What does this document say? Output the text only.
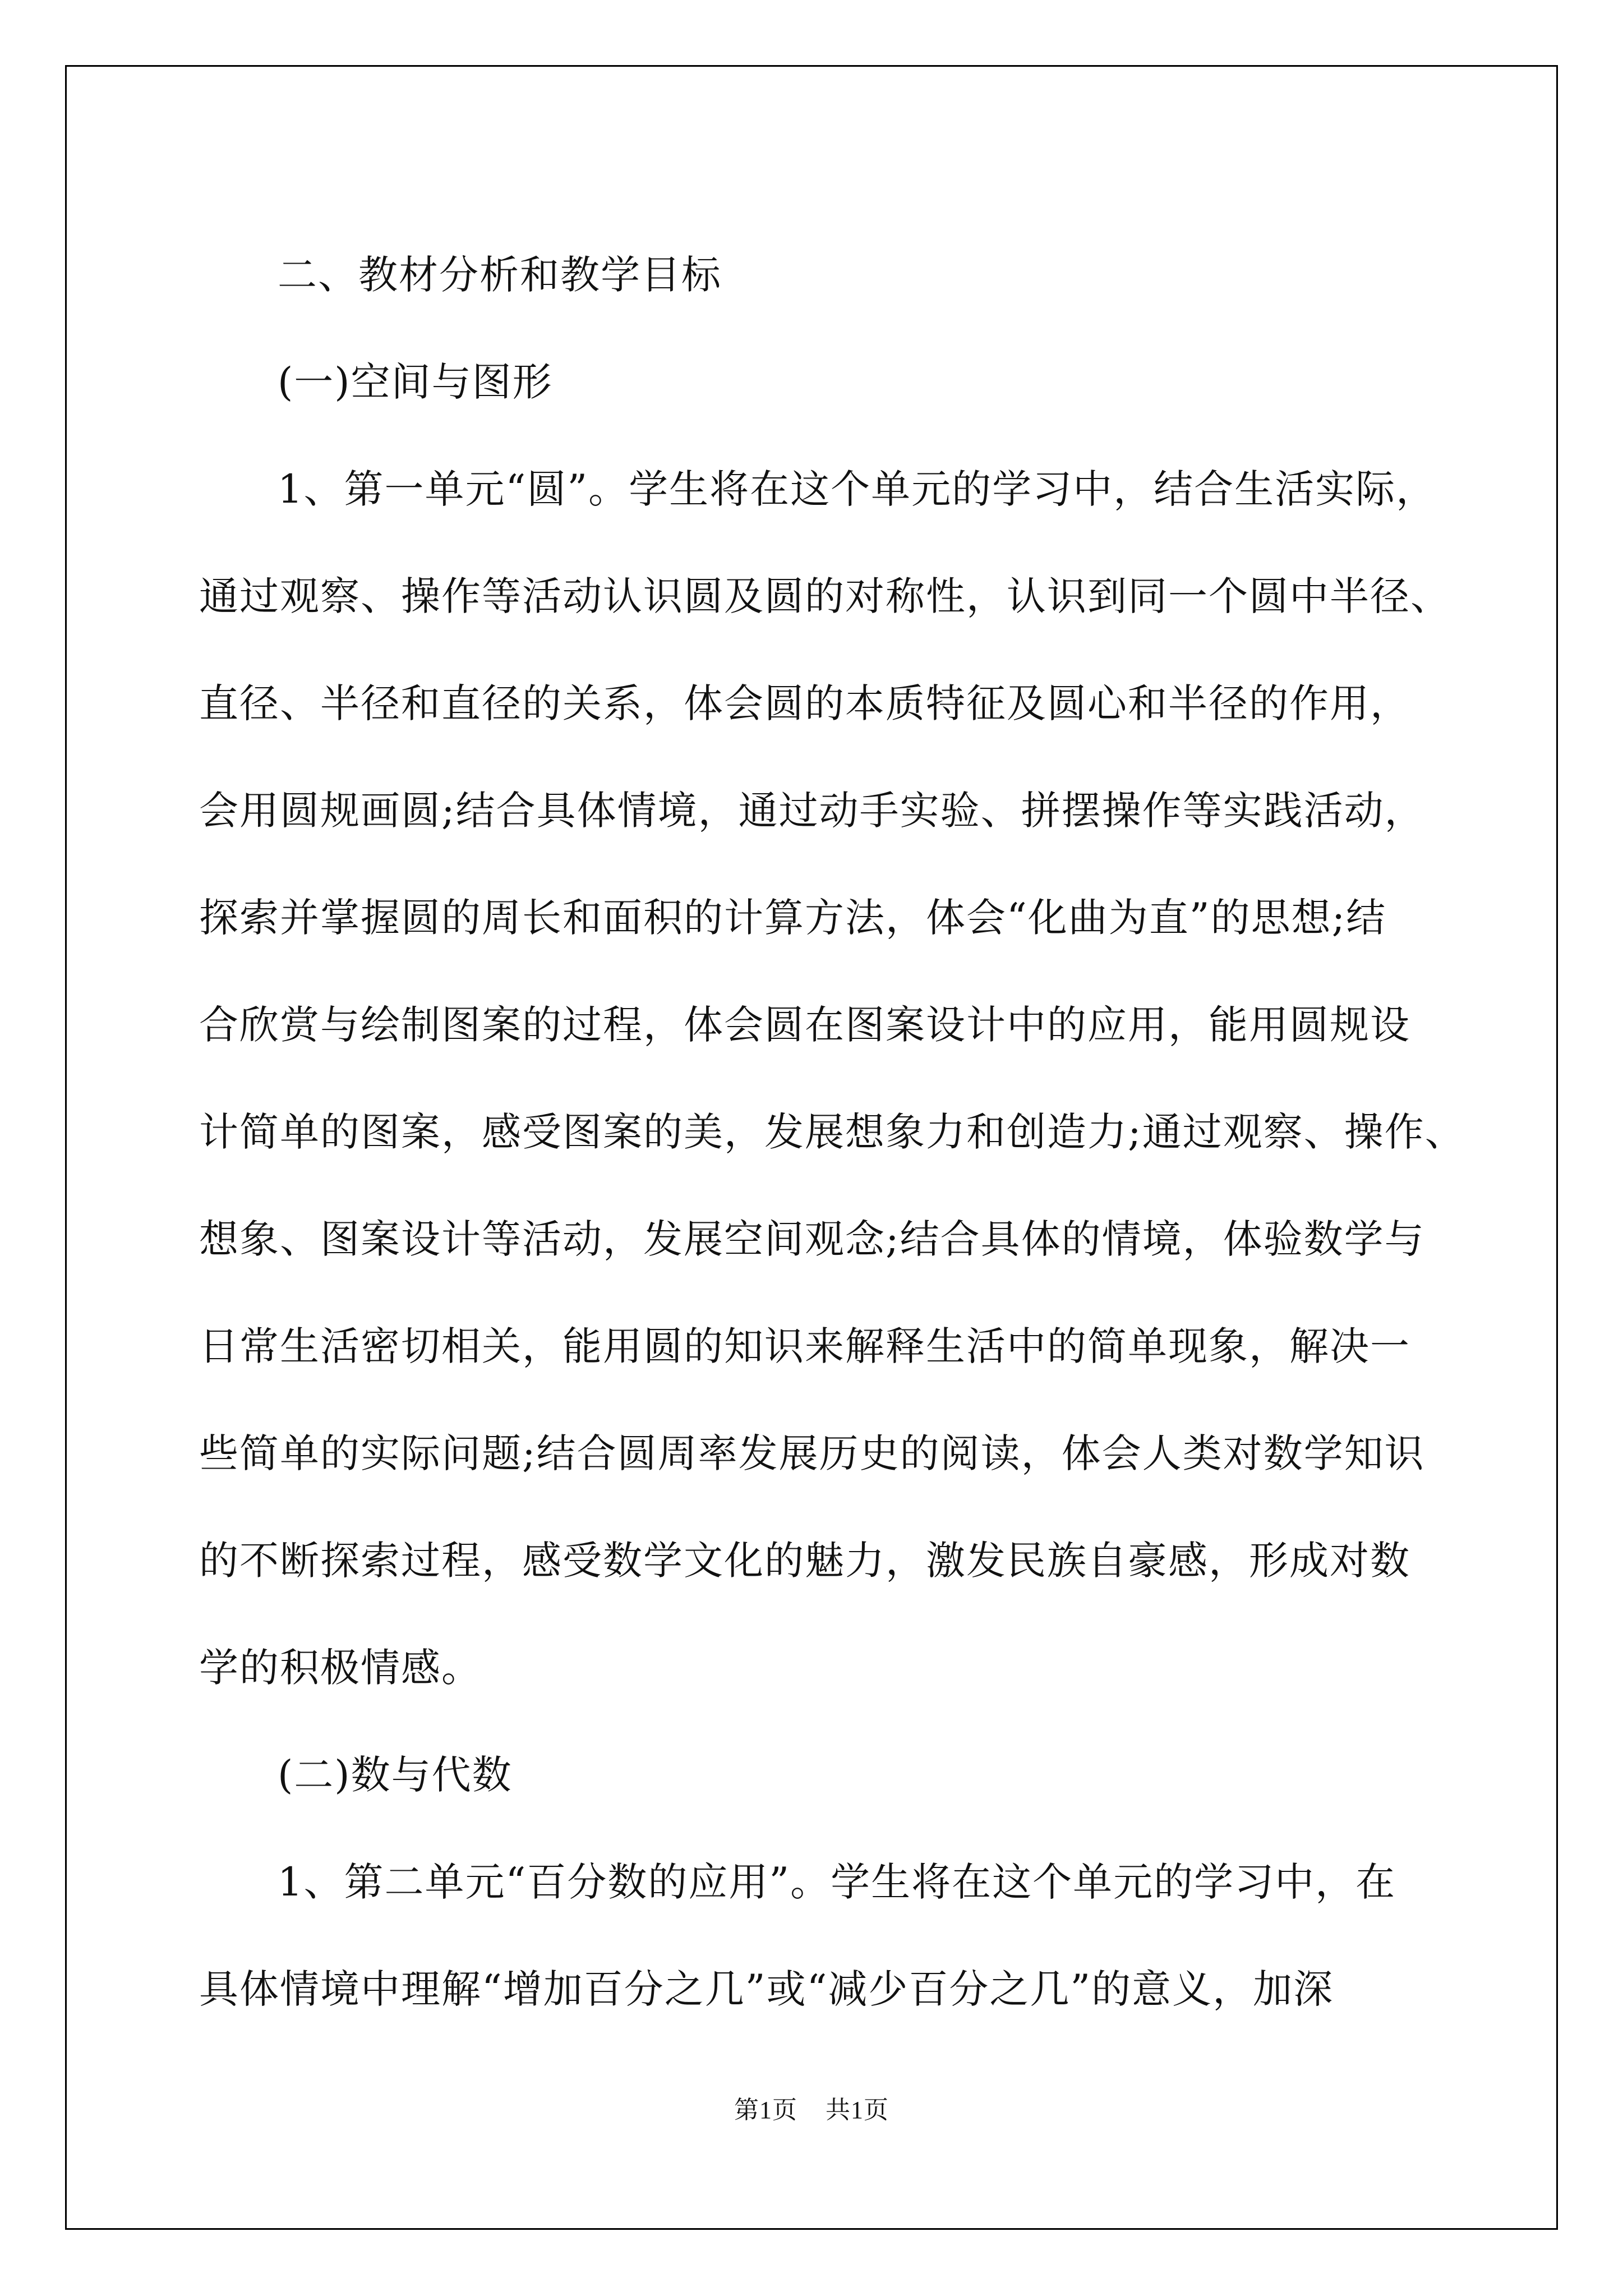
二、教材分析和教学目标
(一)空间与图形
1、第一单元“圆”。学生将在这个单元的学习中，结合生活实际，
通过观察、操作等活动认识圆及圆的对称性，认识到同一个圆中半径、
直径、半径和直径的关系，体会圆的本质特征及圆心和半径的作用，
会用圆规画圆;结合具体情境，通过动手实验、拼摆操作等实践活动，
探索并掌握圆的周长和面积的计算方法，体会“化曲为直”的思想;结
合欣赏与绘制图案的过程，体会圆在图案设计中的应用，能用圆规设
计简单的图案，感受图案的美，发展想象力和创造力;通过观察、操作、
想象、图案设计等活动，发展空间观念;结合具体的情境，体验数学与
日常生活密切相关，能用圆的知识来解释生活中的简单现象，解决一
些简单的实际问题;结合圆周率发展历史的阅读，体会人类对数学知识
的不断探索过程，感受数学文化的魅力，激发民族自豪感，形成对数
学的积极情感。
(二)数与代数
1、第二单元“百分数的应用”。学生将在这个单元的学习中，在
具体情境中理解“增加百分之几”或“减少百分之几”的意义，加深
第1页 共1页
